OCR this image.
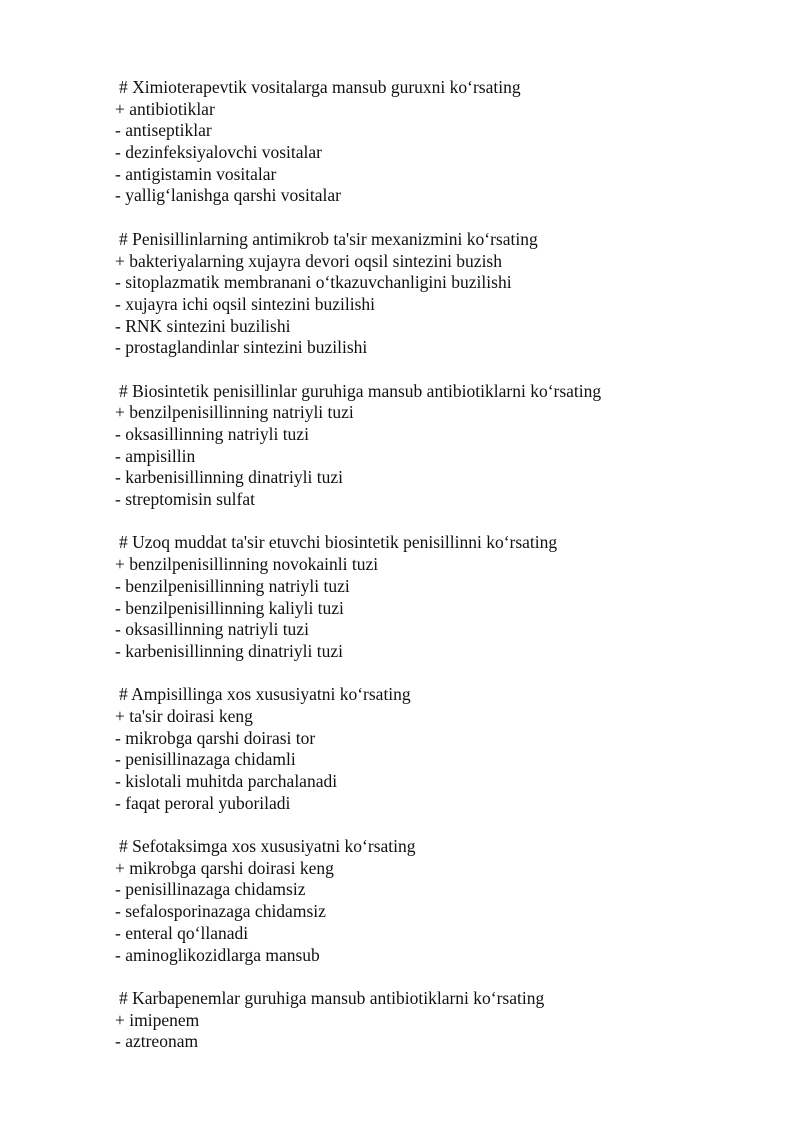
# Ximioterapevtik vositalarga mansub guruxni koʻrsating
+ antibiotiklar
- antiseptiklar
- dezinfeksiyalovchi vositalar
- antigistamin vositalar
- yalligʻlanishga qarshi vositalar
# Penisillinlarning antimikrob ta'sir mexanizmini koʻrsating
+ bakteriyalarning xujayra devori oqsil sintezini buzish
- sitoplazmatik membranani oʻtkazuvchanligini buzilishi
- xujayra ichi oqsil sintezini buzilishi
- RNK sintezini buzilishi
- prostaglandinlar sintezini buzilishi
# Biosintetik penisillinlar guruhiga mansub antibiotiklarni koʻrsating
+ benzilpenisillinning natriyli tuzi
- oksasillinning natriyli tuzi
- ampisillin
- karbenisillinning dinatriyli tuzi
- streptomisin sulfat
# Uzoq muddat ta'sir etuvchi biosintetik penisillinni koʻrsating
+ benzilpenisillinning novokainli tuzi
- benzilpenisillinning natriyli tuzi
- benzilpenisillinning kaliyli tuzi
- oksasillinning natriyli tuzi
- karbenisillinning dinatriyli tuzi
# Ampisillinga xos xususiyatni koʻrsating
+ ta'sir doirasi keng
- mikrobga qarshi doirasi tor
- penisillinazaga chidamli
- kislotali muhitda parchalanadi
- faqat peroral yuboriladi
# Sefotaksimga xos xususiyatni koʻrsating
+ mikrobga qarshi doirasi keng
- penisillinazaga chidamsiz
- sefalosporinazaga chidamsiz
- enteral qoʻllanadi
- aminoglikozidlarga mansub
# Karbapenemlar guruhiga mansub antibiotiklarni koʻrsating
+ imipenem
- aztreonam
